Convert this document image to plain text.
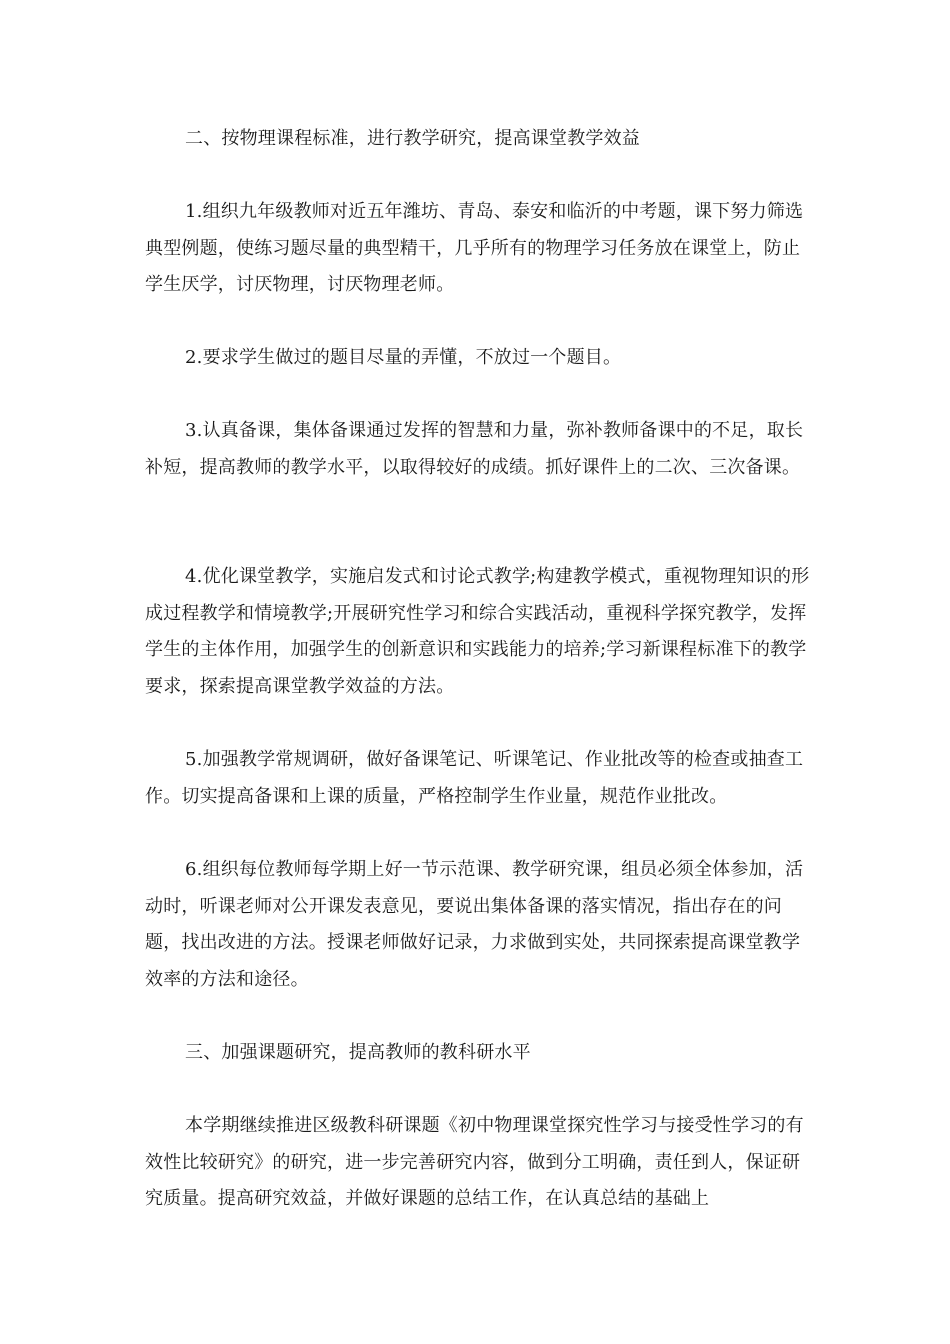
二、按物理课程标准，进行教学研究，提高课堂教学效益

1.组织九年级教师对近五年潍坊、青岛、泰安和临沂的中考题，课下努力筛选典型例题，使练习题尽量的典型精干，几乎所有的物理学习任务放在课堂上，防止学生厌学，讨厌物理，讨厌物理老师。

2.要求学生做过的题目尽量的弄懂，不放过一个题目。

3.认真备课，集体备课通过发挥的智慧和力量，弥补教师备课中的不足，取长补短，提高教师的教学水平，以取得较好的成绩。抓好课件上的二次、三次备课。

4.优化课堂教学，实施启发式和讨论式教学;构建教学模式，重视物理知识的形成过程教学和情境教学;开展研究性学习和综合实践活动，重视科学探究教学，发挥学生的主体作用，加强学生的创新意识和实践能力的培养;学习新课程标准下的教学要求，探索提高课堂教学效益的方法。

5.加强教学常规调研，做好备课笔记、听课笔记、作业批改等的检查或抽查工作。切实提高备课和上课的质量，严格控制学生作业量，规范作业批改。

6.组织每位教师每学期上好一节示范课、教学研究课，组员必须全体参加，活动时，听课老师对公开课发表意见，要说出集体备课的落实情况，指出存在的问题，找出改进的方法。授课老师做好记录，力求做到实处，共同探索提高课堂教学效率的方法和途径。

三、加强课题研究，提高教师的教科研水平

本学期继续推进区级教科研课题《初中物理课堂探究性学习与接受性学习的有效性比较研究》的研究，进一步完善研究内容，做到分工明确，责任到人，保证研究质量。提高研究效益，并做好课题的总结工作，在认真总结的基础上
